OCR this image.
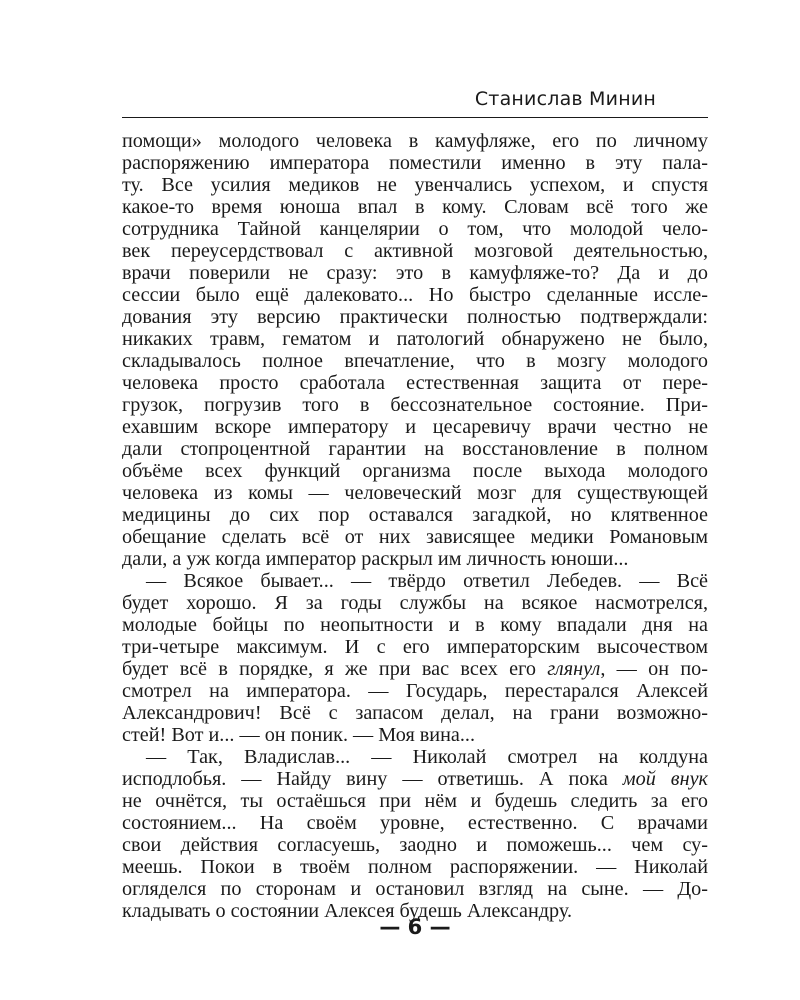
Станислав Минин
помощи» молодого человека в камуфляже, его по личному
распоряжению императора поместили именно в эту пала-
ту. Все усилия медиков не увенчались успехом, и спустя
какое-то время юноша впал в кому. Словам всё того же
сотрудника Тайной канцелярии о том, что молодой чело-
век переусердствовал с активной мозговой деятельностью,
врачи поверили не сразу: это в камуфляже-то? Да и до
сессии было ещё далековато... Но быстро сделанные иссле-
дования эту версию практически полностью подтверждали:
никаких травм, гематом и патологий обнаружено не было,
складывалось полное впечатление, что в мозгу молодого
человека просто сработала естественная защита от пере-
грузок, погрузив того в бессознательное состояние. При-
ехавшим вскоре императору и цесаревичу врачи честно не
дали стопроцентной гарантии на восстановление в полном
объёме всех функций организма после выхода молодого
человека из комы — человеческий мозг для существующей
медицины до сих пор оставался загадкой, но клятвенное
обещание сделать всё от них зависящее медики Романовым
дали, а уж когда император раскрыл им личность юноши...
— Всякое бывает... — твёрдо ответил Лебедев. — Всё
будет хорошо. Я за годы службы на всякое насмотрелся,
молодые бойцы по неопытности и в кому впадали дня на
три-четыре максимум. И с его императорским высочеством
будет всё в порядке, я же при вас всех его глянул, — он по-
смотрел на императора. — Государь, перестарался Алексей
Александрович! Всё с запасом делал, на грани возможно-
стей! Вот и... — он поник. — Моя вина...
— Так, Владислав... — Николай смотрел на колдуна
исподлобья. — Найду вину — ответишь. А пока мой внук
не очнётся, ты остаёшься при нём и будешь следить за его
состоянием... На своём уровне, естественно. С врачами
свои действия согласуешь, заодно и поможешь... чем су-
меешь. Покои в твоём полном распоряжении. — Николай
огляделся по сторонам и остановил взгляд на сыне. — До-
кладывать о состоянии Алексея будешь Александру.
— 6 —
